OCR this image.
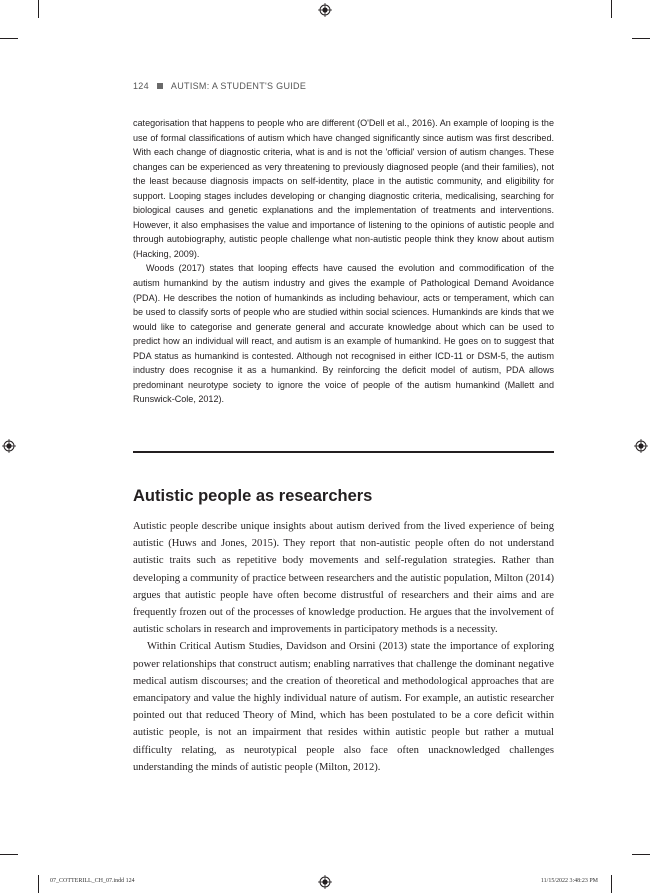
124 AUTISM: A STUDENT'S GUIDE

categorisation that happens to people who are different (O'Dell et al., 2016). An example of looping is the use of formal classifications of autism which have changed significantly since autism was first described. With each change of diagnostic criteria, what is and is not the 'official' version of autism changes. These changes can be experienced as very threatening to previously diagnosed people (and their families), not the least because diagnosis impacts on self-identity, place in the autistic community, and eligibility for support. Looping stages includes developing or changing diagnostic criteria, medicalising, searching for biological causes and genetic explanations and the implementation of treatments and interventions. However, it also emphasises the value and importance of listening to the opinions of autistic people and through autobiography, autistic people challenge what non-autistic people think they know about autism (Hacking, 2009).

Woods (2017) states that looping effects have caused the evolution and commodification of the autism humankind by the autism industry and gives the example of Pathological Demand Avoidance (PDA). He describes the notion of humankinds as including behaviour, acts or temperament, which can be used to classify sorts of people who are studied within social sciences. Humankinds are kinds that we would like to categorise and generate general and accurate knowledge about which can be used to predict how an individual will react, and autism is an example of humankind. He goes on to suggest that PDA status as humankind is contested. Although not recognised in either ICD-11 or DSM-5, the autism industry does recognise it as a humankind. By reinforcing the deficit model of autism, PDA allows predominant neurotype society to ignore the voice of people of the autism humankind (Mallett and Runswick-Cole, 2012).

Autistic people as researchers

Autistic people describe unique insights about autism derived from the lived experience of being autistic (Huws and Jones, 2015). They report that non-autistic people often do not understand autistic traits such as repetitive body movements and self-regulation strategies. Rather than developing a community of practice between researchers and the autistic population, Milton (2014) argues that autistic people have often become distrustful of researchers and their aims and are frequently frozen out of the processes of knowledge production. He argues that the involvement of autistic scholars in research and improvements in participatory methods is a necessity.

Within Critical Autism Studies, Davidson and Orsini (2013) state the importance of exploring power relationships that construct autism; enabling narratives that challenge the dominant negative medical autism discourses; and the creation of theoretical and methodological approaches that are emancipatory and value the highly individual nature of autism. For example, an autistic researcher pointed out that reduced Theory of Mind, which has been postulated to be a core deficit within autistic people, is not an impairment that resides within autistic people but rather a mutual difficulty relating, as neurotypical people also face often unacknowledged challenges understanding the minds of autistic people (Milton, 2012).

07_COTTERILL_CH_07.indd 124	11/15/2022 3:48:23 PM
